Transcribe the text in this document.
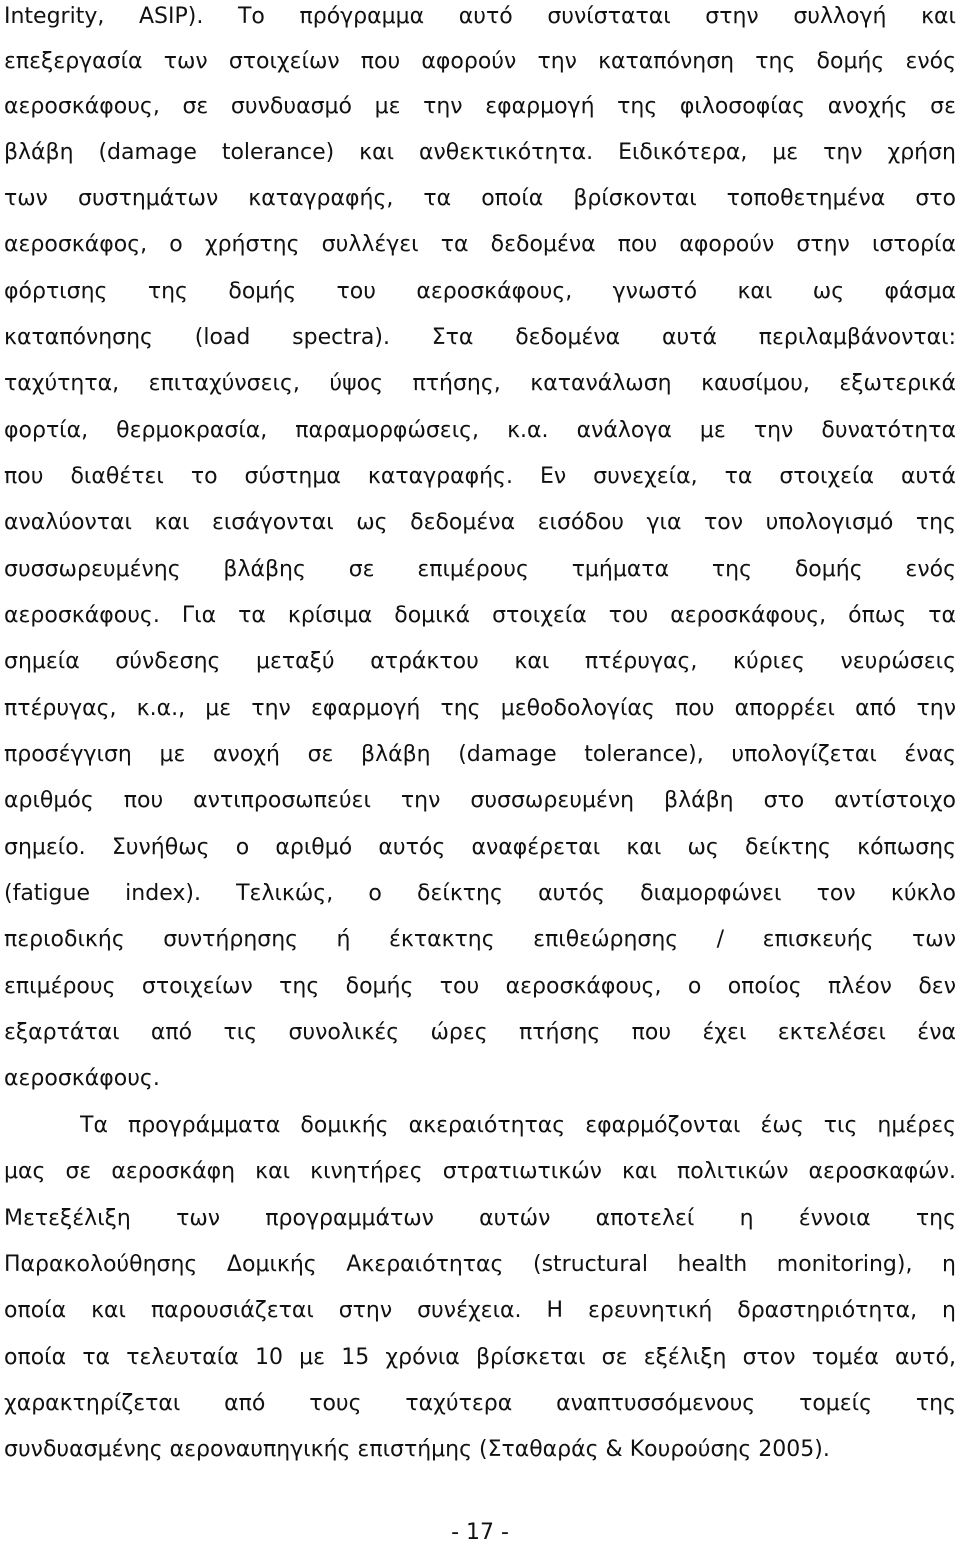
Integrity, ASIP). Το πρόγραμμα αυτό συνίσταται στην συλλογή και
επεξεργασία των στοιχείων που αφορούν την καταπόνηση της δομής ενός
αεροσκάφους, σε συνδυασμό με την εφαρμογή της φιλοσοφίας ανοχής σε
βλάβη (damage tolerance) και ανθεκτικότητα. Ειδικότερα, με την χρήση
των συστημάτων καταγραφής, τα οποία βρίσκονται τοποθετημένα στο
αεροσκάφος, ο χρήστης συλλέγει τα δεδομένα που αφορούν στην ιστορία
φόρτισης της δομής του αεροσκάφους, γνωστό και ως φάσμα
καταπόνησης (load spectra). Στα δεδομένα αυτά περιλαμβάνονται:
ταχύτητα, επιταχύνσεις, ύψος πτήσης, κατανάλωση καυσίμου, εξωτερικά
φορτία, θερμοκρασία, παραμορφώσεις, κ.α. ανάλογα με την δυνατότητα
που διαθέτει το σύστημα καταγραφής. Εν συνεχεία, τα στοιχεία αυτά
αναλύονται και εισάγονται ως δεδομένα εισόδου για τον υπολογισμό της
συσσωρευμένης βλάβης σε επιμέρους τμήματα της δομής ενός
αεροσκάφους. Για τα κρίσιμα δομικά στοιχεία του αεροσκάφους, όπως τα
σημεία σύνδεσης μεταξύ ατράκτου και πτέρυγας, κύριες νευρώσεις
πτέρυγας, κ.α., με την εφαρμογή της μεθοδολογίας που απορρέει από την
προσέγγιση με ανοχή σε βλάβη (damage tolerance), υπολογίζεται ένας
αριθμός που αντιπροσωπεύει την συσσωρευμένη βλάβη στο αντίστοιχο
σημείο. Συνήθως ο αριθμό αυτός αναφέρεται και ως δείκτης κόπωσης
(fatigue index). Τελικώς, ο δείκτης αυτός διαμορφώνει τον κύκλο
περιοδικής συντήρησης ή έκτακτης επιθεώρησης / επισκευής των
επιμέρους στοιχείων της δομής του αεροσκάφους, ο οποίος πλέον δεν
εξαρτάται από τις συνολικές ώρες πτήσης που έχει εκτελέσει ένα
αεροσκάφους.
Τα προγράμματα δομικής ακεραιότητας εφαρμόζονται έως τις ημέρες
μας σε αεροσκάφη και κινητήρες στρατιωτικών και πολιτικών αεροσκαφών.
Μετεξέλιξη των προγραμμάτων αυτών αποτελεί η έννοια της
Παρακολούθησης Δομικής Ακεραιότητας (structural health monitoring), η
οποία και παρουσιάζεται στην συνέχεια. Η ερευνητική δραστηριότητα, η
οποία τα τελευταία 10 με 15 χρόνια βρίσκεται σε εξέλιξη στον τομέα αυτό,
χαρακτηρίζεται από τους ταχύτερα αναπτυσσόμενους τομείς της
συνδυασμένης αεροναυπηγικής επιστήμης (Σταθαράς & Κουρούσης 2005).
- 17 -
